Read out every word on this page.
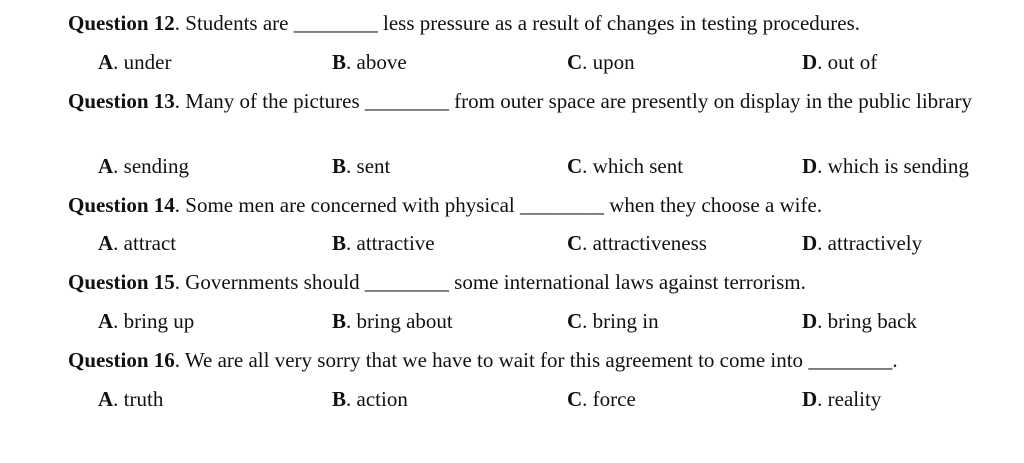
Question 12. Students are ________ less pressure as a result of changes in testing procedures.
A. under	B. above	C. upon	D. out of
Question 13. Many of the pictures ________ from outer space are presently on display in the public library
A. sending	B. sent	C. which sent	D. which is sending
Question 14. Some men are concerned with physical ________ when they choose a wife.
A. attract	B. attractive	C. attractiveness	D. attractively
Question 15. Governments should ________ some international laws against terrorism.
A. bring up	B. bring about	C. bring in	D. bring back
Question 16. We are all very sorry that we have to wait for this agreement to come into ________.
A. truth	B. action	C. force	D. reality
